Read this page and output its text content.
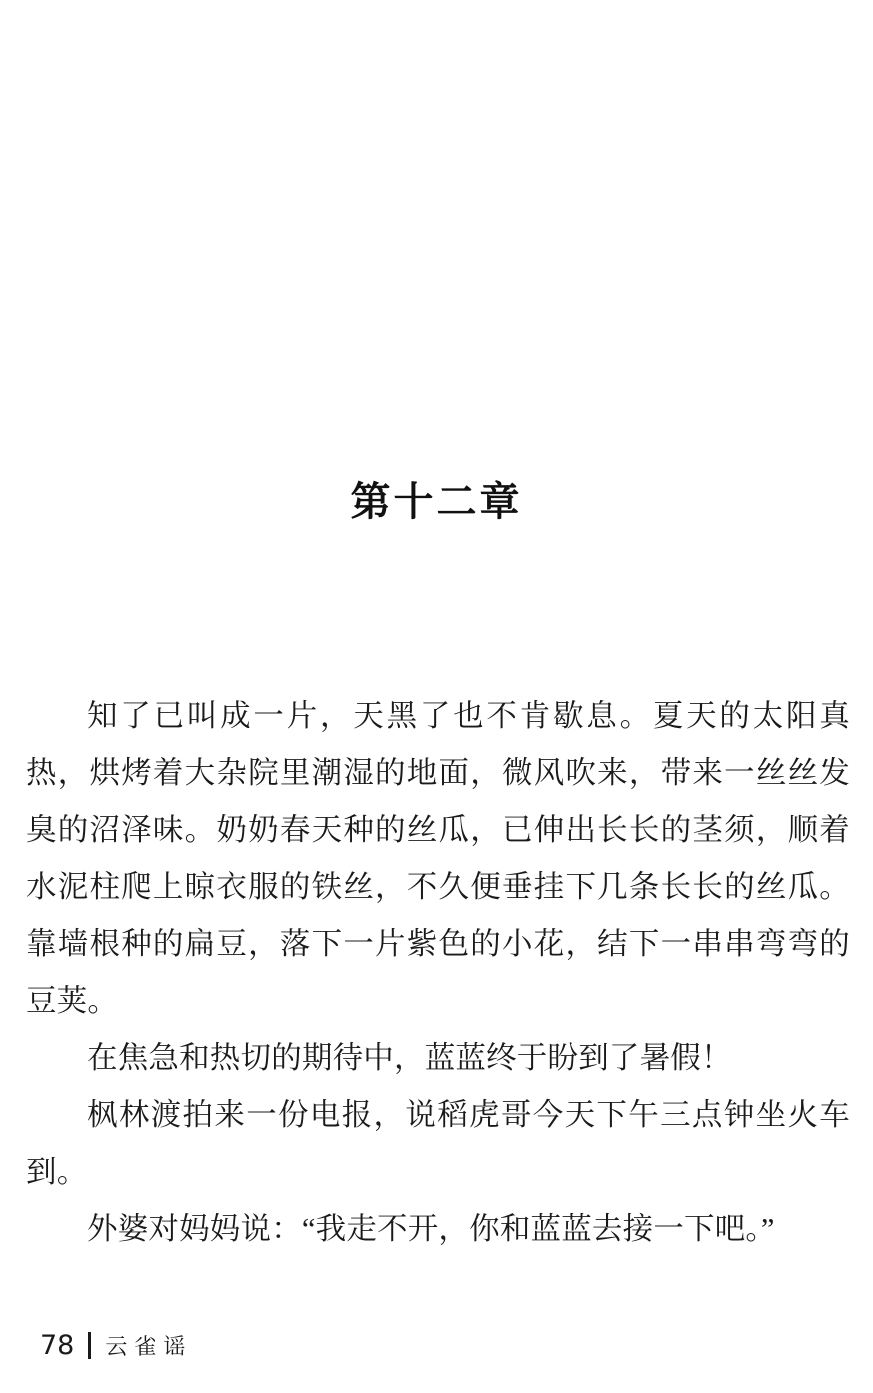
第十二章

知了已叫成一片，天黑了也不肯歇息。夏天的太阳真热，烘烤着大杂院里潮湿的地面，微风吹来，带来一丝丝发臭的沼泽味。奶奶春天种的丝瓜，已伸出长长的茎须，顺着水泥柱爬上晾衣服的铁丝，不久便垂挂下几条长长的丝瓜。靠墙根种的扁豆，落下一片紫色的小花，结下一串串弯弯的豆荚。

在焦急和热切的期待中，蓝蓝终于盼到了暑假！

枫林渡拍来一份电报，说稻虎哥今天下午三点钟坐火车到。

外婆对妈妈说：“我走不开，你和蓝蓝去接一下吧。”

78 云雀谣
